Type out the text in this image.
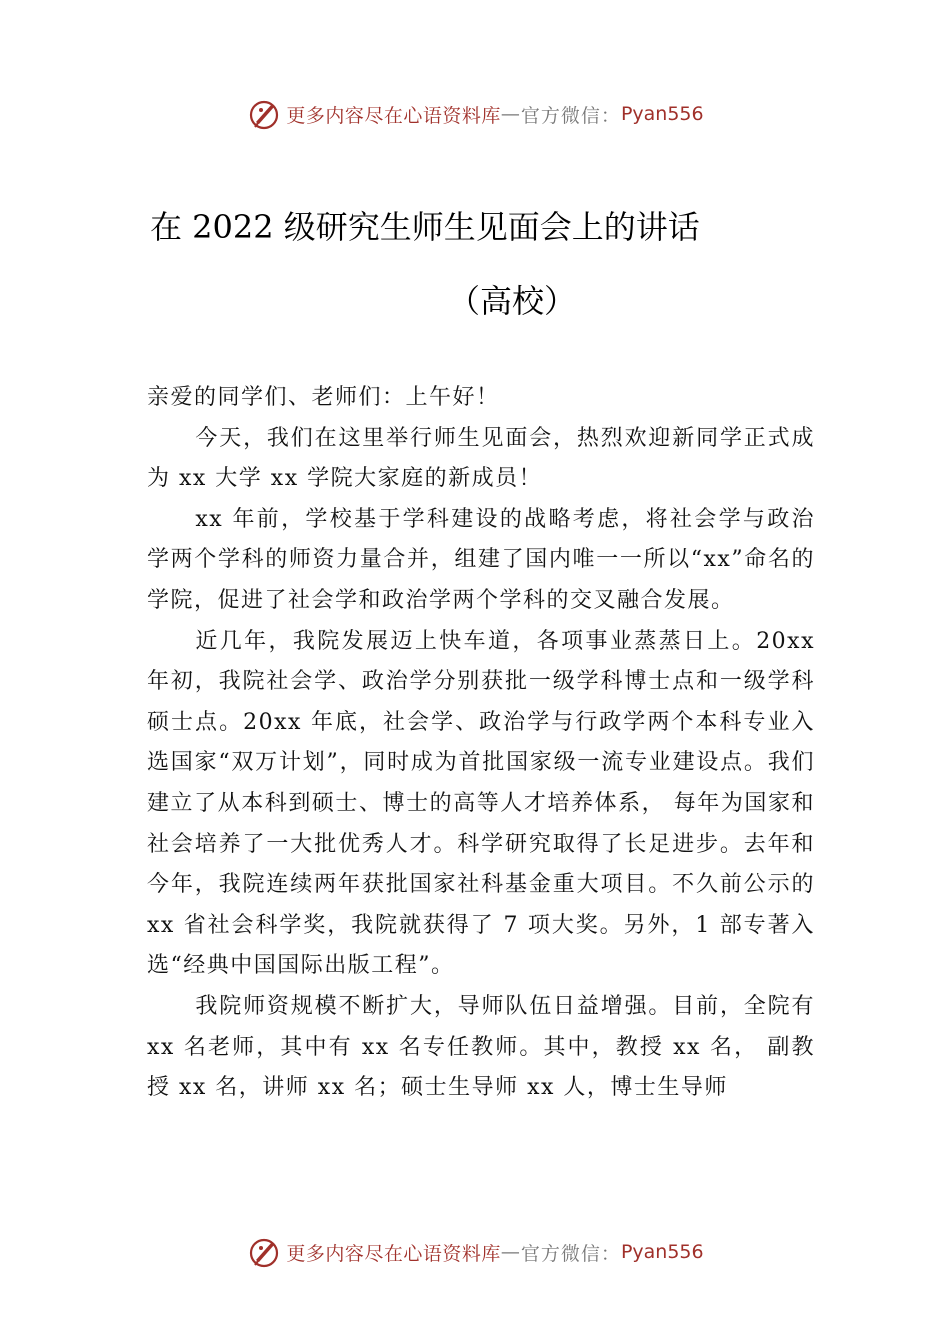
更多内容尽在心语资料库 — 官方微信： Pyan556
在 2022 级研究生师生见面会上的讲话
（高校）

亲爱的同学们、老师们：上午好！

今天，我们在这里举行师生见面会，热烈欢迎新同学正式成为 xx 大学 xx 学院大家庭的新成员！

xx 年前，学校基于学科建设的战略考虑，将社会学与政治学两个学科的师资力量合并，组建了国内唯一一所以“xx”命名的学院，促进了社会学和政治学两个学科的交叉融合发展。

近几年，我院发展迈上快车道，各项事业蒸蒸日上。20xx 年初，我院社会学、政治学分别获批一级学科博士点和一级学科硕士点。20xx 年底，社会学、政治学与行政学两个本科专业入选国家“双万计划”，同时成为首批国家级一流专业建设点。我们建立了从本科到硕士、博士的高等人才培养体系， 每年为国家和社会培养了一大批优秀人才。科学研究取得了长足进步。去年和今年，我院连续两年获批国家社科基金重大项目。不久前公示的 xx 省社会科学奖，我院就获得了 7 项大奖。另外，1 部专著入选“经典中国国际出版工程”。

我院师资规模不断扩大，导师队伍日益增强。目前，全院有 xx 名老师，其中有 xx 名专任教师。其中，教授 xx 名， 副教授 xx 名，讲师 xx 名；硕士生导师 xx 人，博士生导师

更多内容尽在心语资料库 — 官方微信： Pyan556
